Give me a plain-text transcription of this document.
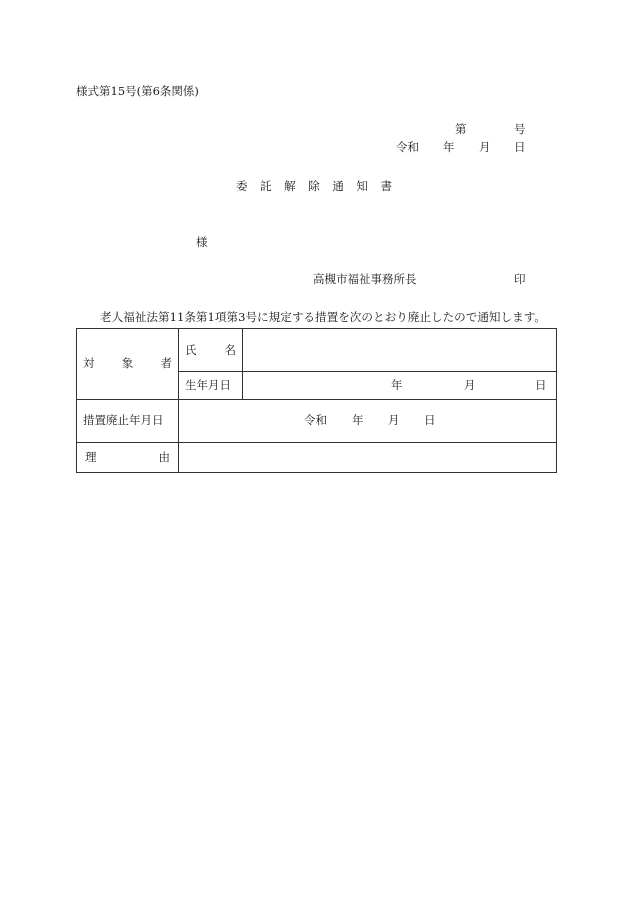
様式第15号(第6条関係)
第	号
令和 年 月 日
委 託 解 除 通 知 書
様
高槻市福祉事務所長	印
老人福祉法第11条第1項第3号に規定する措置を次のとおり廃止したので通知します。
対 象 者	氏 名	

	生年月日	年 月 日

措置廃止年月日	令和 年 月 日	

理 由		
